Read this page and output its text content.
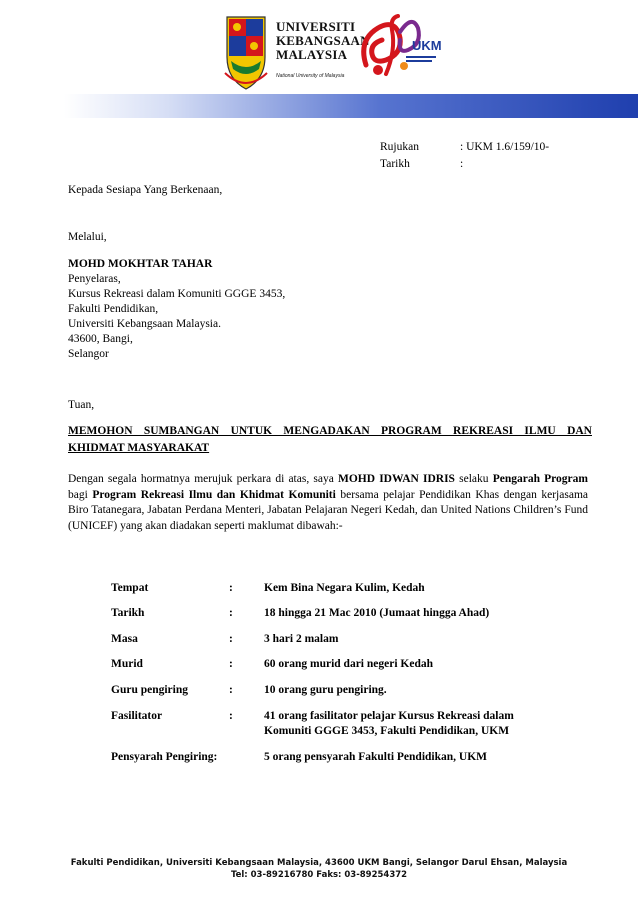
UNIVERSITI
KEBANGSAAN
MALAYSIA
National University of Malaysia
UKM
Rujukan	: UKM 1.6/159/10-
Tarikh	:
Kepada Sesiapa Yang Berkenaan,
Melalui,
MOHD MOKHTAR TAHAR
Penyelaras,
Kursus Rekreasi dalam Komuniti GGGE 3453,
Fakulti Pendidikan,
Universiti Kebangsaan Malaysia.
43600, Bangi,
Selangor
Tuan,
MEMOHON SUMBANGAN UNTUK MENGADAKAN PROGRAM REKREASI ILMU DAN KHIDMAT MASYARAKAT
Dengan segala hormatnya merujuk perkara di atas, saya MOHD IDWAN IDRIS selaku Pengarah Program bagi Program Rekreasi Ilmu dan Khidmat Komuniti bersama pelajar Pendidikan Khas dengan kerjasama Biro Tatanegara, Jabatan Perdana Menteri, Jabatan Pelajaran Negeri Kedah, dan United Nations Children’s Fund (UNICEF) yang akan diadakan seperti maklumat dibawah:-
Tempat	:	Kem Bina Negara Kulim, Kedah
Tarikh	:	18 hingga 21 Mac 2010 (Jumaat hingga Ahad)
Masa	:	3 hari 2 malam
Murid	:	60 orang murid dari negeri Kedah
Guru pengiring	:	10 orang guru pengiring.
Fasilitator	:	41 orang fasilitator pelajar Kursus Rekreasi dalam
Komuniti GGGE 3453, Fakulti Pendidikan, UKM
Pensyarah Pengiring:	5 orang pensyarah Fakulti Pendidikan, UKM
Fakulti Pendidikan, Universiti Kebangsaan Malaysia, 43600 UKM Bangi, Selangor Darul Ehsan, Malaysia
Tel: 03-89216780 Faks: 03-89254372
